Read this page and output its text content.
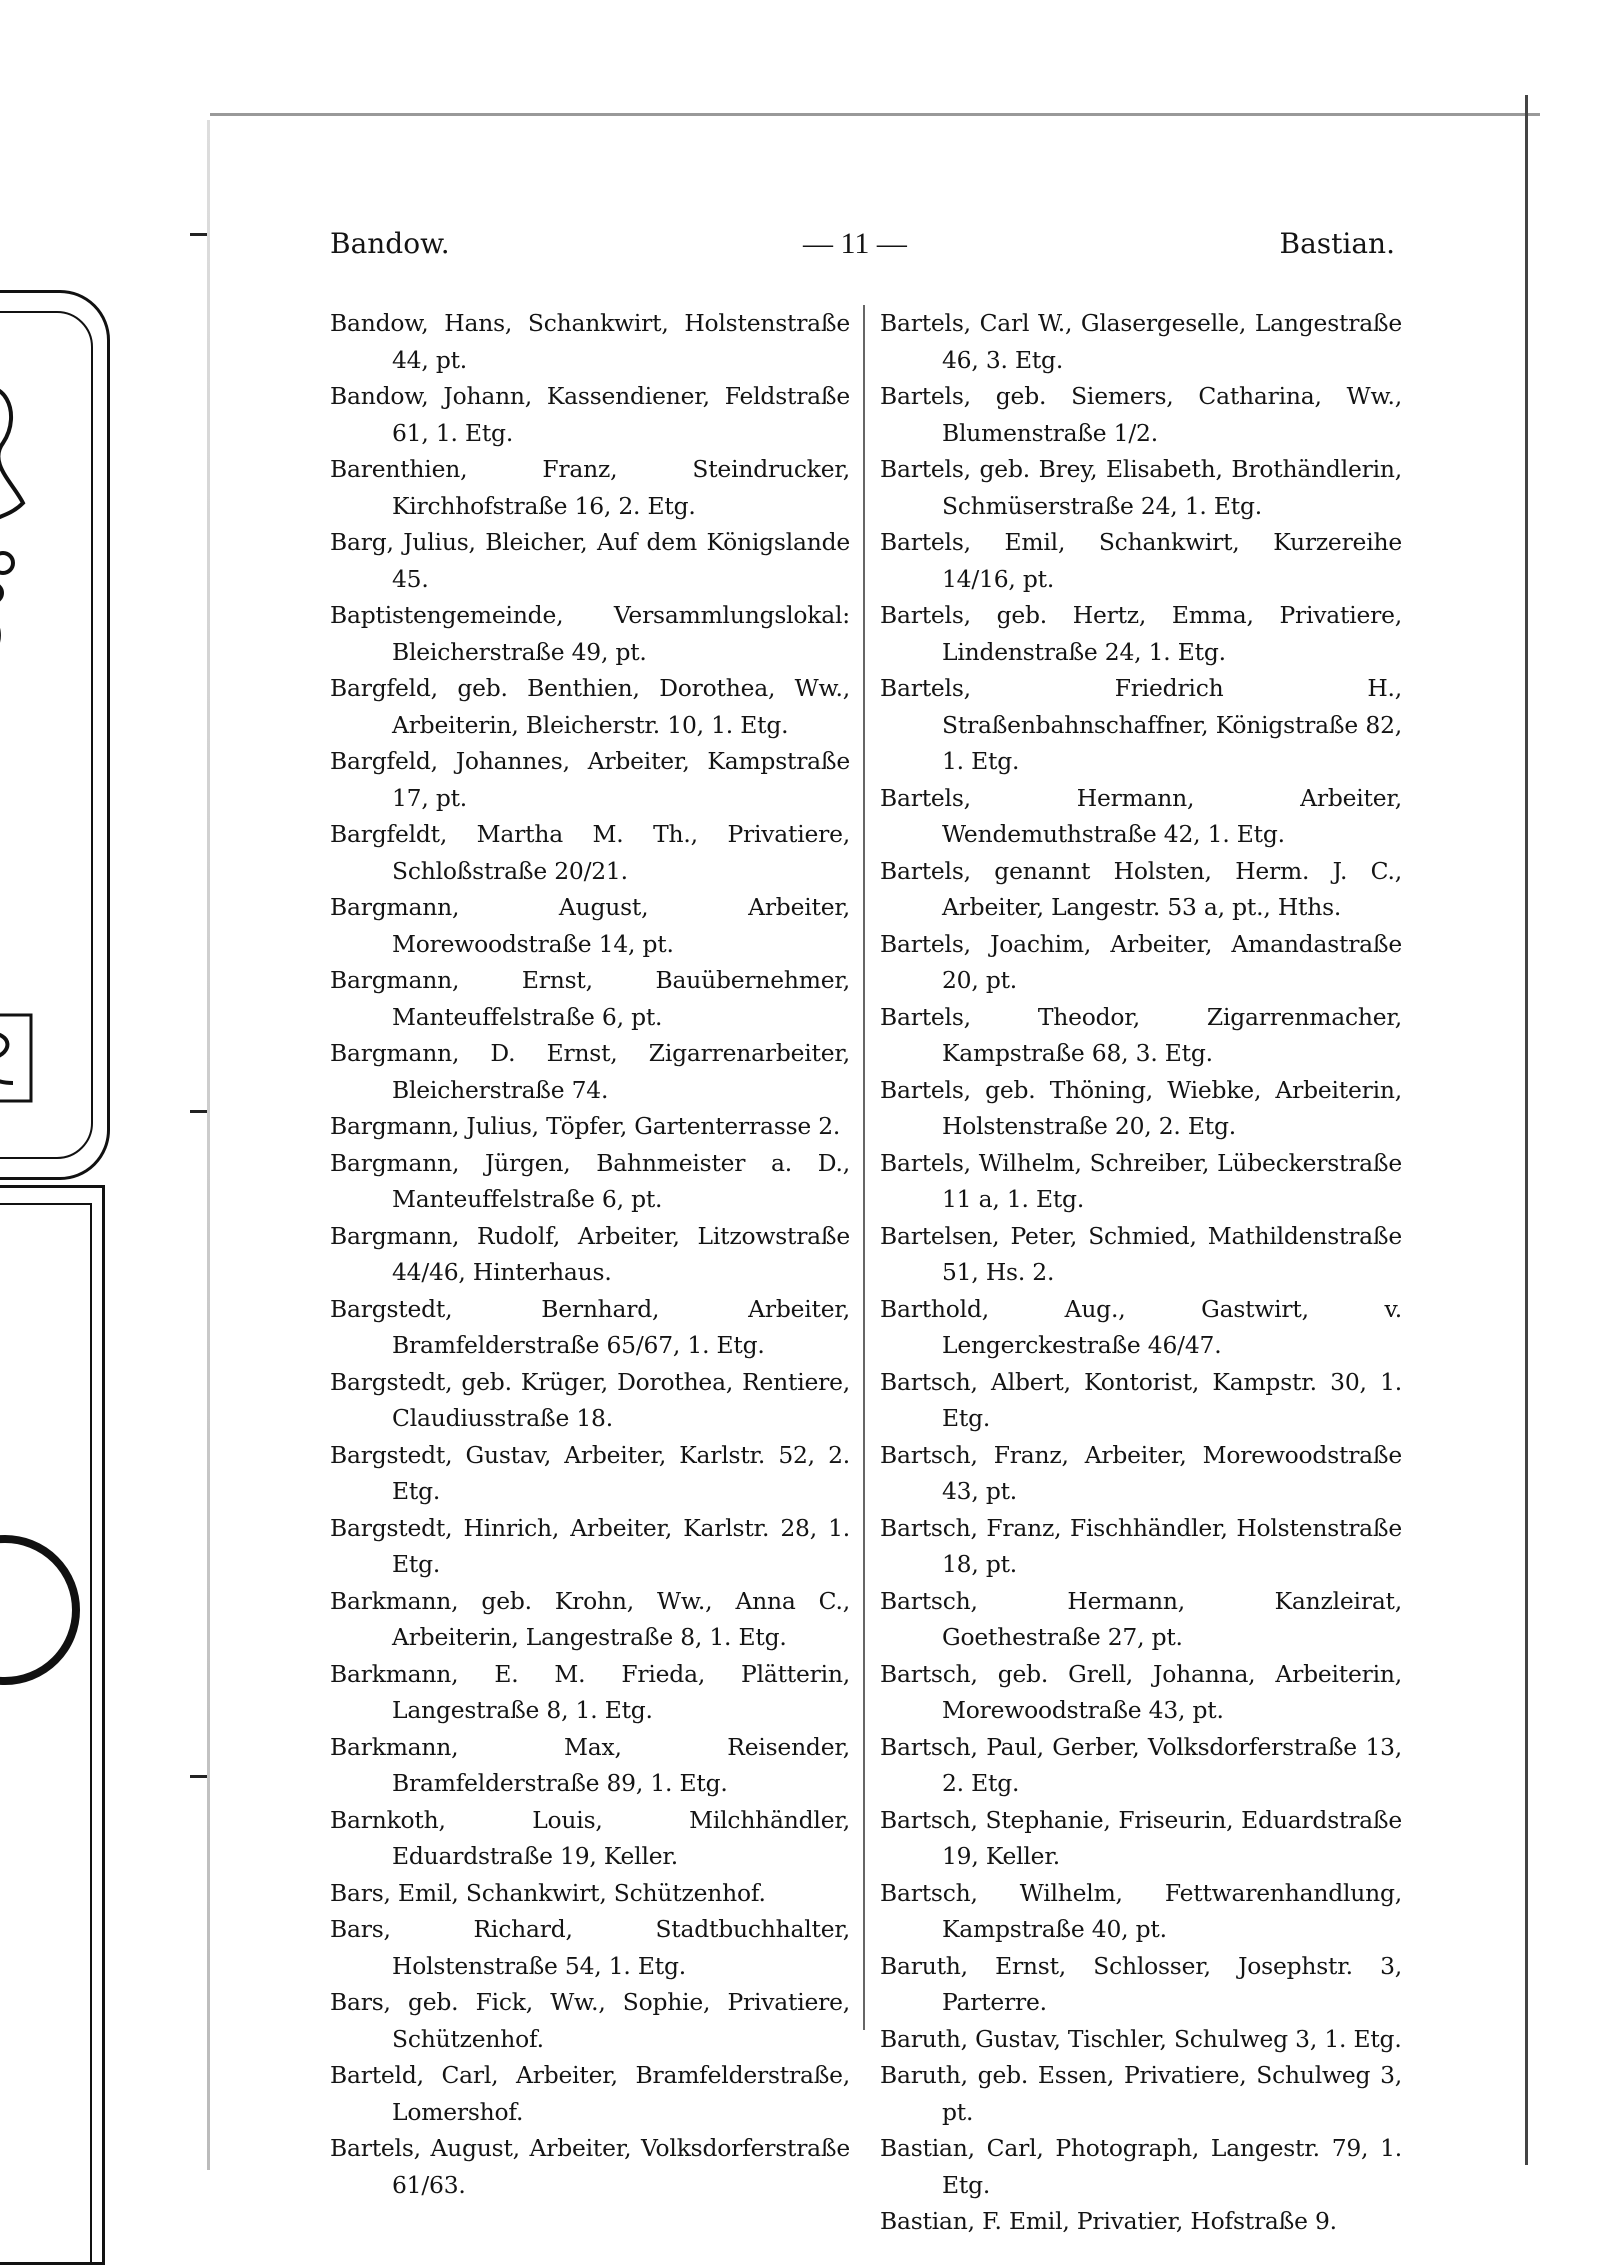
Bandow.	— 11 —	Bastian.
Bandow, Hans, Schankwirt, Holstenstraße 44, pt.
Bandow, Johann, Kassendiener, Feldstraße 61, 1. Etg.
Barenthien, Franz, Steindrucker, Kirchhofstraße 16, 2. Etg.
Barg, Julius, Bleicher, Auf dem Königslande 45.
Baptistengemeinde, Versammlungslokal: Bleicherstraße 49, pt.
Bargfeld, geb. Benthien, Dorothea, Ww., Arbeiterin, Bleicherstr. 10, 1. Etg.
Bargfeld, Johannes, Arbeiter, Kampstraße 17, pt.
Bargfeldt, Martha M. Th., Privatiere, Schloßstraße 20/21.
Bargmann, August, Arbeiter, Morewoodstraße 14, pt.
Bargmann, Ernst, Bauübernehmer, Manteuffelstraße 6, pt.
Bargmann, D. Ernst, Zigarrenarbeiter, Bleicherstraße 74.
Bargmann, Julius, Töpfer, Gartenterrasse 2.
Bargmann, Jürgen, Bahnmeister a. D., Manteuffelstraße 6, pt.
Bargmann, Rudolf, Arbeiter, Litzowstraße 44/46, Hinterhaus.
Bargstedt, Bernhard, Arbeiter, Bramfelderstraße 65/67, 1. Etg.
Bargstedt, geb. Krüger, Dorothea, Rentiere, Claudiusstraße 18.
Bargstedt, Gustav, Arbeiter, Karlstr. 52, 2. Etg.
Bargstedt, Hinrich, Arbeiter, Karlstr. 28, 1. Etg.
Barkmann, geb. Krohn, Ww., Anna C., Arbeiterin, Langestraße 8, 1. Etg.
Barkmann, E. M. Frieda, Plätterin, Langestraße 8, 1. Etg.
Barkmann, Max, Reisender, Bramfelderstraße 89, 1. Etg.
Barnkoth, Louis, Milchhändler, Eduardstraße 19, Keller.
Bars, Emil, Schankwirt, Schützenhof.
Bars, Richard, Stadtbuchhalter, Holstenstraße 54, 1. Etg.
Bars, geb. Fick, Ww., Sophie, Privatiere, Schützenhof.
Barteld, Carl, Arbeiter, Bramfelderstraße, Lomershof.
Bartels, August, Arbeiter, Volksdorferstraße 61/63.
Bartels, Carl W., Glasergeselle, Langestraße 46, 3. Etg.
Bartels, geb. Siemers, Catharina, Ww., Blumenstraße 1/2.
Bartels, geb. Brey, Elisabeth, Brothändlerin, Schmüserstraße 24, 1. Etg.
Bartels, Emil, Schankwirt, Kurzereihe 14/16, pt.
Bartels, geb. Hertz, Emma, Privatiere, Lindenstraße 24, 1. Etg.
Bartels, Friedrich H., Straßenbahnschaffner, Königstraße 82, 1. Etg.
Bartels, Hermann, Arbeiter, Wendemuthstraße 42, 1. Etg.
Bartels, genannt Holsten, Herm. J. C., Arbeiter, Langestr. 53 a, pt., Hths.
Bartels, Joachim, Arbeiter, Amandastraße 20, pt.
Bartels, Theodor, Zigarrenmacher, Kampstraße 68, 3. Etg.
Bartels, geb. Thöning, Wiebke, Arbeiterin, Holstenstraße 20, 2. Etg.
Bartels, Wilhelm, Schreiber, Lübeckerstraße 11 a, 1. Etg.
Bartelsen, Peter, Schmied, Mathildenstraße 51, Hs. 2.
Barthold, Aug., Gastwirt, v. Lengerckestraße 46/47.
Bartsch, Albert, Kontorist, Kampstr. 30, 1. Etg.
Bartsch, Franz, Arbeiter, Morewoodstraße 43, pt.
Bartsch, Franz, Fischhändler, Holstenstraße 18, pt.
Bartsch, Hermann, Kanzleirat, Goethestraße 27, pt.
Bartsch, geb. Grell, Johanna, Arbeiterin, Morewoodstraße 43, pt.
Bartsch, Paul, Gerber, Volksdorferstraße 13, 2. Etg.
Bartsch, Stephanie, Friseurin, Eduardstraße 19, Keller.
Bartsch, Wilhelm, Fettwarenhandlung, Kampstraße 40, pt.
Baruth, Ernst, Schlosser, Josephstr. 3, Parterre.
Baruth, Gustav, Tischler, Schulweg 3, 1. Etg.
Baruth, geb. Essen, Privatiere, Schulweg 3, pt.
Bastian, Carl, Photograph, Langestr. 79, 1. Etg.
Bastian, F. Emil, Privatier, Hofstraße 9.
